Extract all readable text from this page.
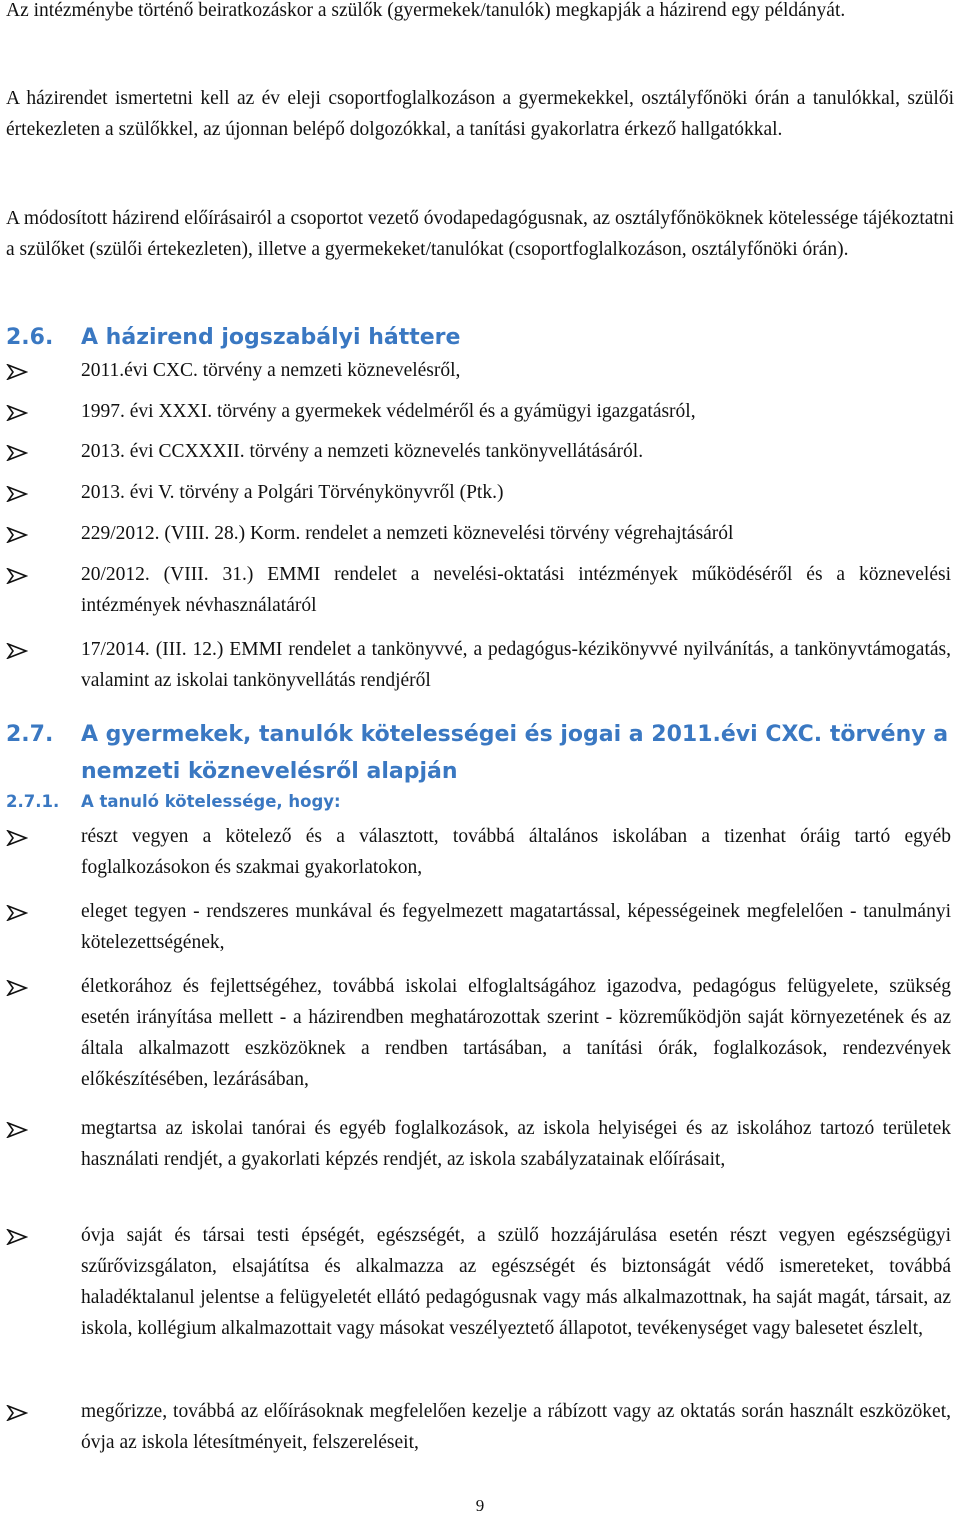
Az intézménybe történő beiratkozáskor a szülők (gyermekek/tanulók) megkapják a házirend egy példányát.

A házirendet ismertetni kell az év eleji csoportfoglalkozáson a gyermekekkel, osztályfőnöki órán a tanulókkal, szülői értekezleten a szülőkkel, az újonnan belépő dolgozókkal, a tanítási gyakorlatra érkező hallgatókkal.

A módosított házirend előírásairól a csoportot vezető óvodapedagógusnak, az osztályfőnököknek kötelessége tájékoztatni a szülőket (szülői értekezleten), illetve a gyermekeket/tanulókat (csoportfoglalkozáson, osztályfőnöki órán).

2.6. A házirend jogszabályi háttere
2011.évi CXC. törvény a nemzeti köznevelésről,
1997. évi XXXI. törvény a gyermekek védelméről és a gyámügyi igazgatásról,
2013. évi CCXXXII. törvény a nemzeti köznevelés tankönyvellátásáról.
2013. évi V. törvény a Polgári Törvénykönyvről (Ptk.)
229/2012. (VIII. 28.) Korm. rendelet a nemzeti köznevelési törvény végrehajtásáról
20/2012. (VIII. 31.) EMMI rendelet a nevelési-oktatási intézmények működéséről és a köznevelési intézmények névhasználatáról
17/2014. (III. 12.) EMMI rendelet a tankönyvvé, a pedagógus-kézikönyvvé nyilvánítás, a tankönyvtámogatás, valamint az iskolai tankönyvellátás rendjéről
2.7. A gyermekek, tanulók kötelességei és jogai a 2011.évi CXC. törvény a nemzeti köznevelésről alapján
2.7.1. A tanuló kötelessége, hogy:
részt vegyen a kötelező és a választott, továbbá általános iskolában a tizenhat óráig tartó egyéb foglalkozásokon és szakmai gyakorlatokon,
eleget tegyen - rendszeres munkával és fegyelmezett magatartással, képességeinek megfelelően - tanulmányi kötelezettségének,
életkorához és fejlettségéhez, továbbá iskolai elfoglaltságához igazodva, pedagógus felügyelete, szükség esetén irányítása mellett - a házirendben meghatározottak szerint - közreműködjön saját környezetének és az általa alkalmazott eszközöknek a rendben tartásában, a tanítási órák, foglalkozások, rendezvények előkészítésében, lezárásában,
megtartsa az iskolai tanórai és egyéb foglalkozások, az iskola helyiségei és az iskolához tartozó területek használati rendjét, a gyakorlati képzés rendjét, az iskola szabályzatainak előírásait,
óvja saját és társai testi épségét, egészségét, a szülő hozzájárulása esetén részt vegyen egészségügyi szűrővizsgálaton, elsajátítsa és alkalmazza az egészségét és biztonságát védő ismereteket, továbbá haladéktalanul jelentse a felügyeletét ellátó pedagógusnak vagy más alkalmazottnak, ha saját magát, társait, az iskola, kollégium alkalmazottait vagy másokat veszélyeztető állapotot, tevékenységet vagy balesetet észlelt,
megőrizze, továbbá az előírásoknak megfelelően kezelje a rábízott vagy az oktatás során használt eszközöket, óvja az iskola létesítményeit, felszereléseit,
9
